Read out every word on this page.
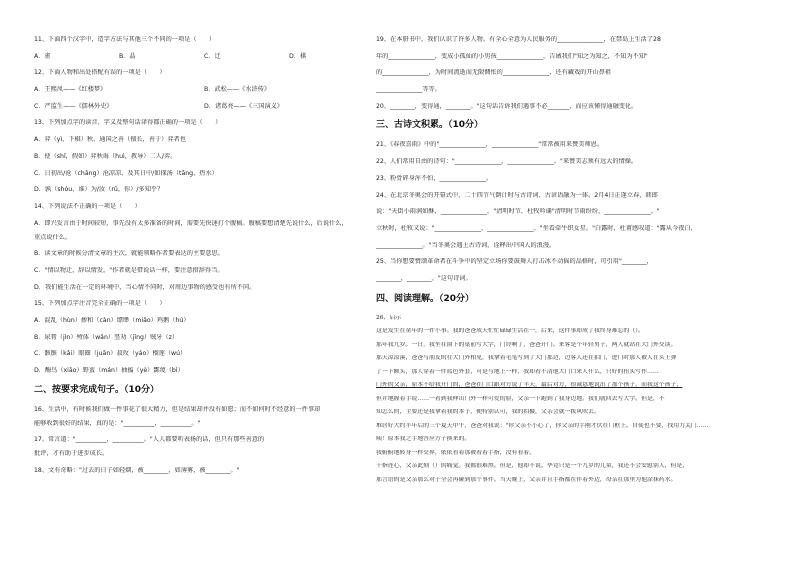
11、下面四个汉字中，造字方法与其他三个不同的一项是（　　）
A．雀	B．晶	C．迁	D．棋
12、下面人物和出处搭配有误的一项是（　　）
A．王熙凤——《红楼梦》	B．武松——《水浒传》
C．严监生——《儒林外史》	D．诸葛亮——《三国演义》
13、下列加点字的读音、字义及整句话译得都正确的一项是（　　）
A．弈（yì，下棋）秋，通国之善（擅长，善于）弈者也
B．使（shǐ，假如）弈秋诲（huì，教导）二人/弈。
C．日初出/沧（chāng）沧凉凉，及其日中/如探汤（tāng，热水）
D．孰（shóu，谁）为/汝（rǔ，你）/多知乎？
14、下列说法不正确的一项是（　　）
A．即兴发言由于时间较短，事先没有太多准备的时间，需要先快速打个腹稿。腹稿要想清楚先说什么，后说什么，
重点说什么。
B．读文章的时候分清文章的主次，就能领略作者要表达的主要意思。
C．"情以物迁，辞以情发。"作者就是借说话一样，要注意措辞得当。
D．我们能生活在一定的环境中，当心情不同时，对周边事物的感受也有所不同。
15、下列加点字注音完全正确的一项是（　　）
A．混乱（hùn）掺和（càn）缥缈（miǎo）鸡鹅（hú）
B．尿膏（jìn）殪体（wǎn）竖劝（jīng）贼牙（z）
C．骸骸（kǎi）眼圈（juān）菽玫（yáo）榴莲（wú）
D．酶鸟（xiāo）野蛮（mán）抽搐（yè）酆蔑（bì）
二、按要求完成句子。（10分）
16、生活中，有时候我们做一件事花了很大精力，但是结果却并没有如愿；而不如何时不经意的一件事却
能够收到很好的结果，真的是："__________，__________。"
17、常言道："__________，__________。"人人都要听表扬的话，但只有那些善意的
批评，才有助于进步成长。
18、文有奇略："过去的日子如轻烟，被________，如薄雾，被________。"
19、在本册书中，我们认识了许多人物。有全心全意为人民服务的_______________，在禁岛上生活了28
年的_______________，变成小孤仙的小男孩_______________，告诫我们"知之为知之，不知为不知"
的_______________，为时间流逝而无限惆怅的_______________，还有藏戏的开山鼻祖
_______________等等。
20、________，变得通，________。"这句话告诉我们遇事不必_______，而应该懂得通融变化。
三、古诗文积累。（10分）
21、《春夜喜雨》中的"_______________，_______________"常常被用来赞美师恩。
22、人们常用自由的诗句："_______________，_______________。"来赞美志须有远大的情操。
23、粉骨碎身浑不怕，_______________。
24、在北京冬奥会的开幕式中，二十四节气倒计时与古诗词、古谚语融为一体。2月4日正逢立春，韩郎
说："天街小雨润如酥，_______________。"清明时节，杜牧吟诵"清明时节雨纷纷，_______________。"
立秋时，杜牧又说："_______________，_______________。"坐看牵牛织女星。"白露时，杜甫感叹道："露从今夜白，
_______________。"当冬奥会遇上古诗词，诠释出中国人的浪漫。
25、当你想要赞颂革命者在斗争中的坚定立场你要鼓舞人打击冰不动摇的品格时，可引用"________，
________，________。"这句诗词。
四、阅读理解。（20分）
26、启示
这是发生在童年的一件小事。我的爸爸成天忙忙碌碌生活在一，后来，这件事却成了我终身难忘的（）。
那年我九岁。一日，我坐在窗下的桌前写大字，门铃响了，爸爸开门。来客是个年轻男子，两人就站在大门外交谈。
那天凉凉溪，爸爸与朋友的在大门外相见，我拿着毛笔写到了大门那边，边客人还在拍门，进门时那人被人在头上弹
了一下额头，那人穿着一件蓝色外套，可是与地上一样，我却看不清他大门口来人什么，只好的扭头写作……
门外的父亲，原本不给我开门的，爸爸在门口跟对方说了半天，最后对方，很诚恳地说出了那个孩子，而我这个孩子，
但并地握着手说……一看到我伸出门外一样可爱的脸，父亲一下跑到了我身边地。我们就回去写大字。但是，不
知怎么的，主要还是我拿着我的本子，便特别认可，我的拍摄，父亲会就一拨风吹去。
堆居好大约半年后的三个夏天中午，爸爸对我说："你父亲不小心了，你父亲的手刚才伏在门框上。自使也不要，找用力关门……
咦！原本我之手地答应方子换来的。
我俯俯地转身一样交界，依依看着那被看着手指，没有看着。
十指连心，父亲此刻（）的痛觉。我都很难熬。但是，他却不说。毕竟只是一个九岁的儿童，我还不会安慰别人，但是，
那言语的是父亲那么对于全会再碰到那个事件。当天晚上，父亲并且手指都在伴着外边，母亲在那里为他涂抹药水。
